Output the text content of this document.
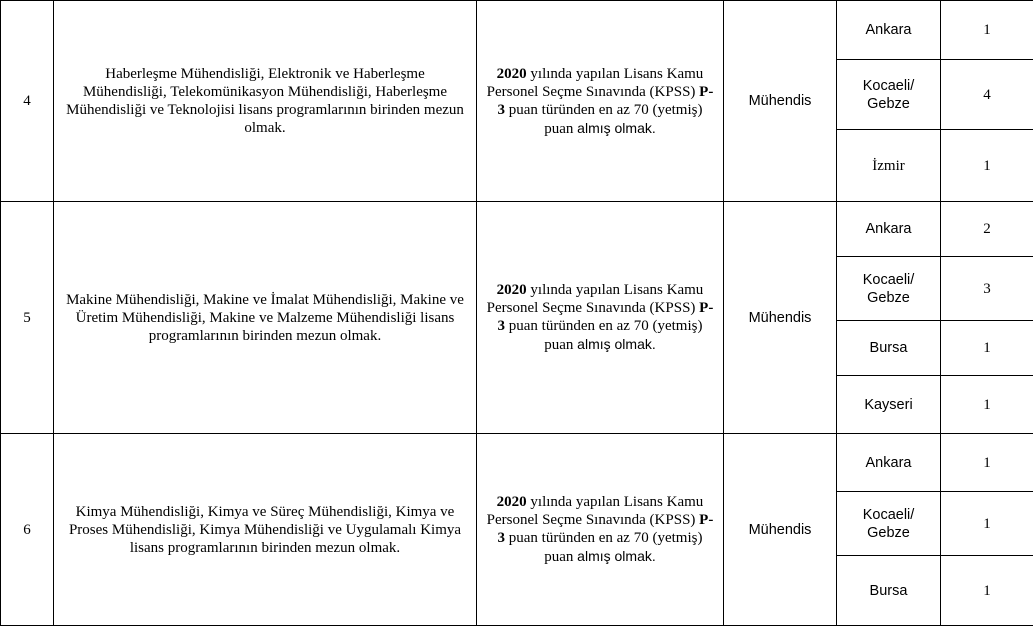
4	Haberleşme Mühendisliği, Elektronik ve Haberleşme Mühendisliği, Telekomünikasyon Mühendisliği, Haberleşme Mühendisliği ve Teknolojisi lisans programlarının birinden mezun olmak.	2020 yılında yapılan Lisans Kamu Personel Seçme Sınavında (KPSS) P-3 puan türünden en az 70 (yetmiş) puan almış olmak.	Mühendis	Ankara	1
				Kocaeli/ Gebze	4
				İzmir	1
5	Makine Mühendisliği, Makine ve İmalat Mühendisliği, Makine ve Üretim Mühendisliği, Makine ve Malzeme Mühendisliği lisans programlarının birinden mezun olmak.	2020 yılında yapılan Lisans Kamu Personel Seçme Sınavında (KPSS) P-3 puan türünden en az 70 (yetmiş) puan almış olmak.	Mühendis	Ankara	2
				Kocaeli/ Gebze	3
				Bursa	1
				Kayseri	1
6	Kimya Mühendisliği, Kimya ve Süreç Mühendisliği, Kimya ve Proses Mühendisliği, Kimya Mühendisliği ve Uygulamalı Kimya lisans programlarının birinden mezun olmak.	2020 yılında yapılan Lisans Kamu Personel Seçme Sınavında (KPSS) P-3 puan türünden en az 70 (yetmiş) puan almış olmak.	Mühendis	Ankara	1
				Kocaeli/ Gebze	1
				Bursa	1
